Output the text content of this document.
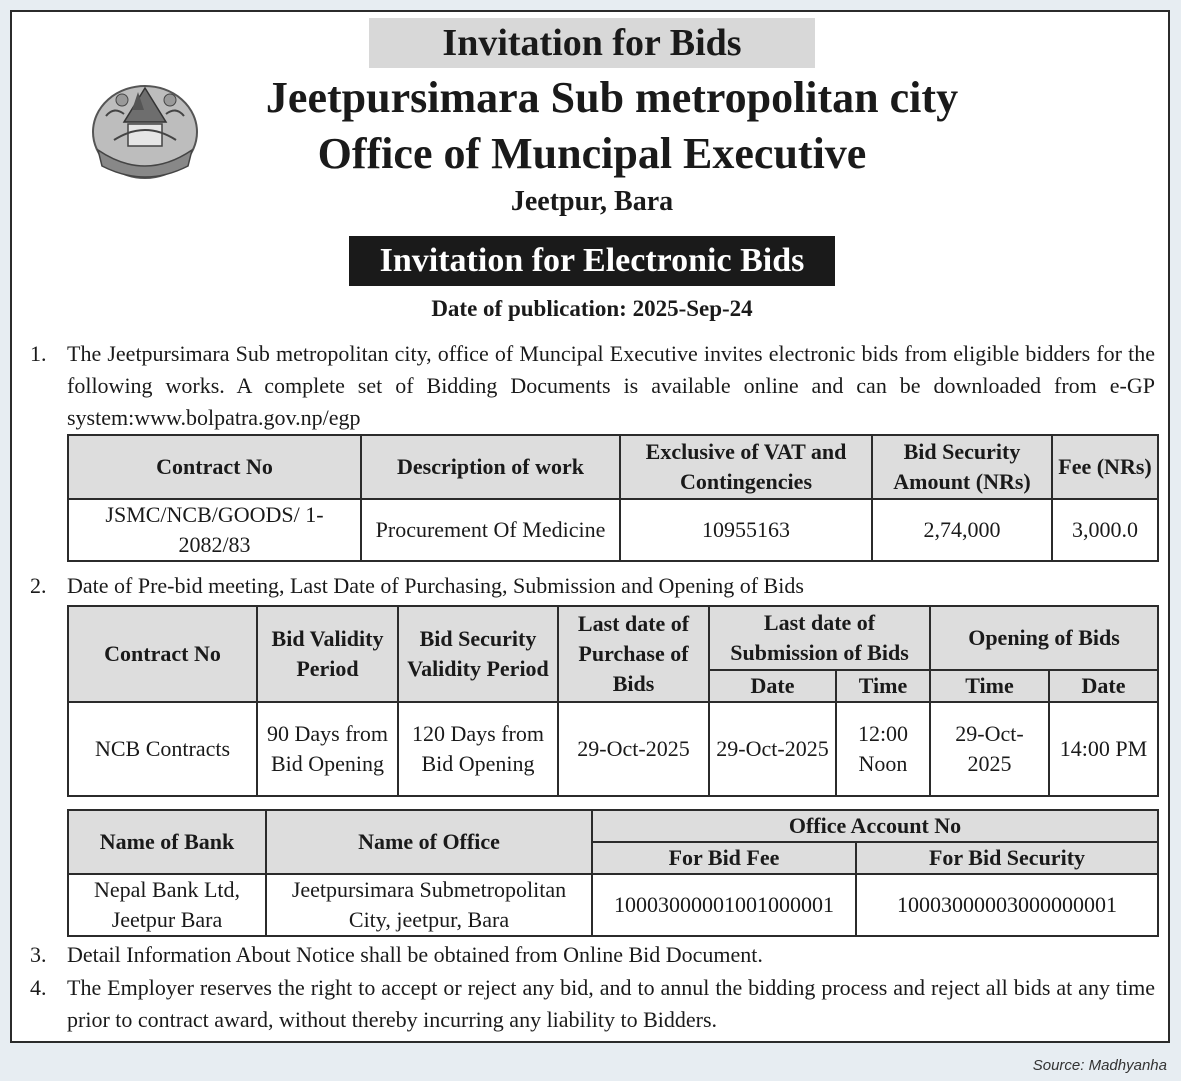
Invitation for Bids
Jeetpursimara Sub metropolitan city
Office of Muncipal Executive
Jeetpur, Bara
Invitation for Electronic Bids
Date of publication: 2025-Sep-24
1. The Jeetpursimara Sub metropolitan city, office of Muncipal Executive invites electronic bids from eligible bidders for the following works. A complete set of Bidding Documents is available online and can be downloaded from e-GP system:www.bolpatra.gov.np/egp
Contract No	Description of work	Exclusive of VAT and Contingencies	Bid Security Amount (NRs)	Fee (NRs)
JSMC/NCB/GOODS/ 1-2082/83	Procurement Of Medicine	10955163	2,74,000	3,000.0
2. Date of Pre-bid meeting, Last Date of Purchasing, Submission and Opening of Bids
Contract No	Bid Validity Period	Bid Security Validity Period	Last date of Purchase of Bids	Last date of Submission of Bids		Opening of Bids	
				Date	Time	Time	Date
NCB Contracts	90 Days from Bid Opening	120 Days from Bid Opening	29-Oct-2025	29-Oct-2025	12:00 Noon	29-Oct-2025	14:00 PM
Name of Bank	Name of Office	Office Account No	
		For Bid Fee	For Bid Security
Nepal Bank Ltd, Jeetpur Bara	Jeetpursimara Submetropolitan City, jeetpur, Bara	10003000001001000001	10003000003000000001
3. Detail Information About Notice shall be obtained from Online Bid Document.
4. The Employer reserves the right to accept or reject any bid, and to annul the bidding process and reject all bids at any time prior to contract award, without thereby incurring any liability to Bidders.
Source: Madhyanha
